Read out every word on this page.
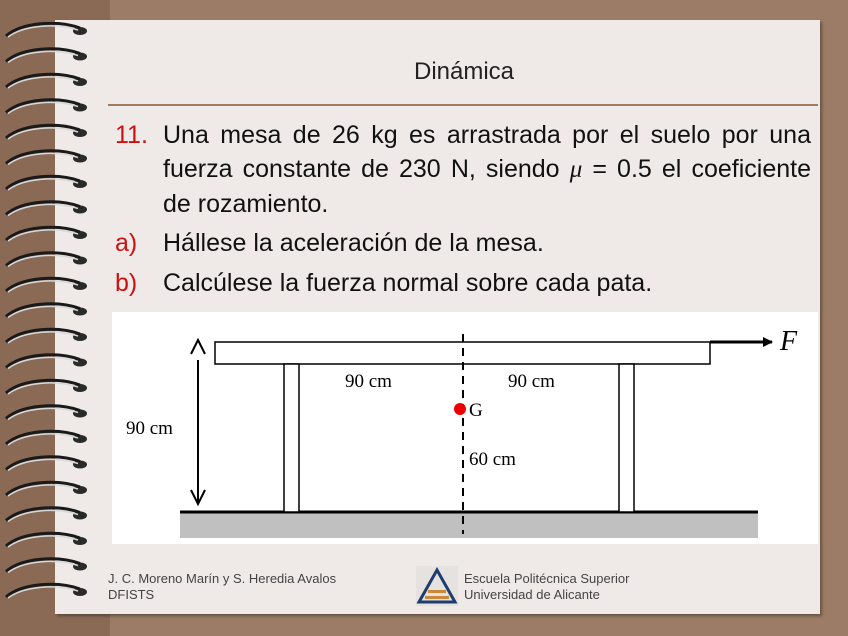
Dinámica
11. Una mesa de 26 kg es arrastrada por el suelo por una fuerza constante de 230 N, siendo μ = 0.5 el coeficiente de rozamiento.
a) Hállese la aceleración de la mesa.
b) Calcúlese la fuerza normal sobre cada pata.
F
90 cm
90 cm	90 cm
G
60 cm
J. C. Moreno Marín y S. Heredia Avalos
DFISTS
Escuela Politécnica Superior
Universidad de Alicante
